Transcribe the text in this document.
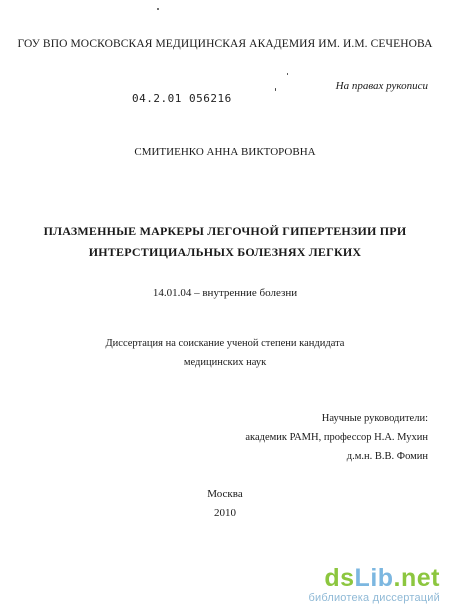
ГОУ ВПО МОСКОВСКАЯ МЕДИЦИНСКАЯ АКАДЕМИЯ ИМ. И.М. СЕЧЕНОВА
На правах рукописи
04.2.01 056216
СМИТИЕНКО АННА ВИКТОРОВНА
ПЛАЗМЕННЫЕ МАРКЕРЫ ЛЕГОЧНОЙ ГИПЕРТЕНЗИИ ПРИ
ИНТЕРСТИЦИАЛЬНЫХ БОЛЕЗНЯХ ЛЕГКИХ
14.01.04 – внутренние болезни
Диссертация на соискание ученой степени кандидата
медицинских наук
Научные руководители:
академик РАМН, профессор Н.А. Мухин
д.м.н. В.В. Фомин
Москва
2010
dsLib.net
библиотека диссертаций
